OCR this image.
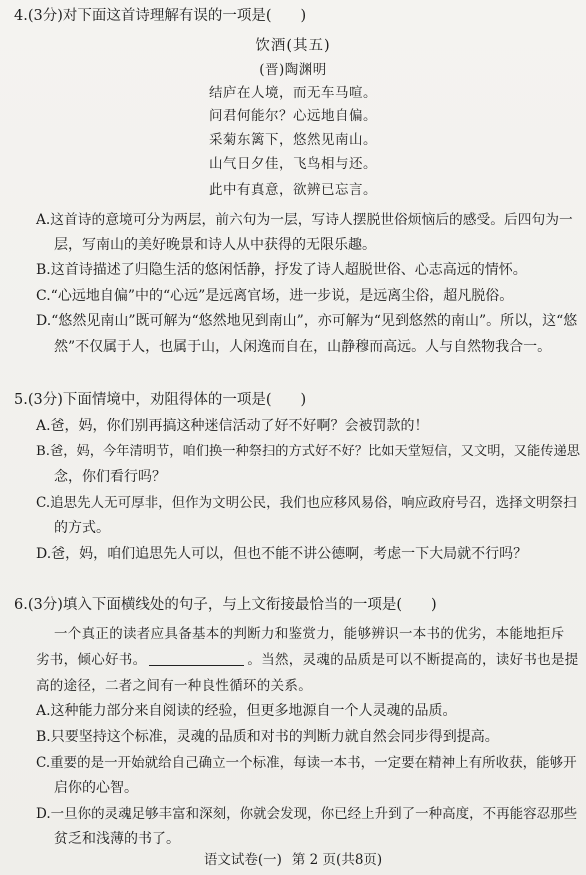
4.(3分)对下面这首诗理解有误的一项是(　　)
饮酒(其五)
(晋)陶渊明
结庐在人境，而无车马喧。
问君何能尔？心远地自偏。
采菊东篱下，悠然见南山。
山气日夕佳，飞鸟相与还。
此中有真意，欲辨已忘言。
A.这首诗的意境可分为两层，前六句为一层，写诗人摆脱世俗烦恼后的感受。后四句为一
层，写南山的美好晚景和诗人从中获得的无限乐趣。
B.这首诗描述了归隐生活的悠闲恬静，抒发了诗人超脱世俗、心志高远的情怀。
C.“心远地自偏”中的“心远”是远离官场，进一步说，是远离尘俗，超凡脱俗。
D.“悠然见南山”既可解为“悠然地见到南山”，亦可解为“见到悠然的南山”。所以，这“悠
然”不仅属于人，也属于山，人闲逸而自在，山静穆而高远。人与自然物我合一。
5.(3分)下面情境中，劝阻得体的一项是(　　)
A.爸，妈，你们别再搞这种迷信活动了好不好啊？会被罚款的！
B.爸，妈，今年清明节，咱们换一种祭扫的方式好不好？比如天堂短信，又文明，又能传递思
念，你们看行吗？
C.追思先人无可厚非，但作为文明公民，我们也应移风易俗，响应政府号召，选择文明祭扫
的方式。
D.爸，妈，咱们追思先人可以，但也不能不讲公德啊，考虑一下大局就不行吗？
6.(3分)填入下面横线处的句子，与上文衔接最恰当的一项是(　　)
一个真正的读者应具备基本的判断力和鉴赏力，能够辨识一本书的优劣，本能地拒斥
劣书，倾心好书。	。当然，灵魂的品质是可以不断提高的，读好书也是提
高的途径，二者之间有一种良性循环的关系。
A.这种能力部分来自阅读的经验，但更多地源自一个人灵魂的品质。
B.只要坚持这个标准，灵魂的品质和对书的判断力就自然会同步得到提高。
C.重要的是一开始就给自己确立一个标准，每读一本书，一定要在精神上有所收获，能够开
启你的心智。
D.一旦你的灵魂足够丰富和深刻，你就会发现，你已经上升到了一种高度，不再能容忍那些
贫乏和浅薄的书了。
语文试卷(一) 第 2 页(共8页)
